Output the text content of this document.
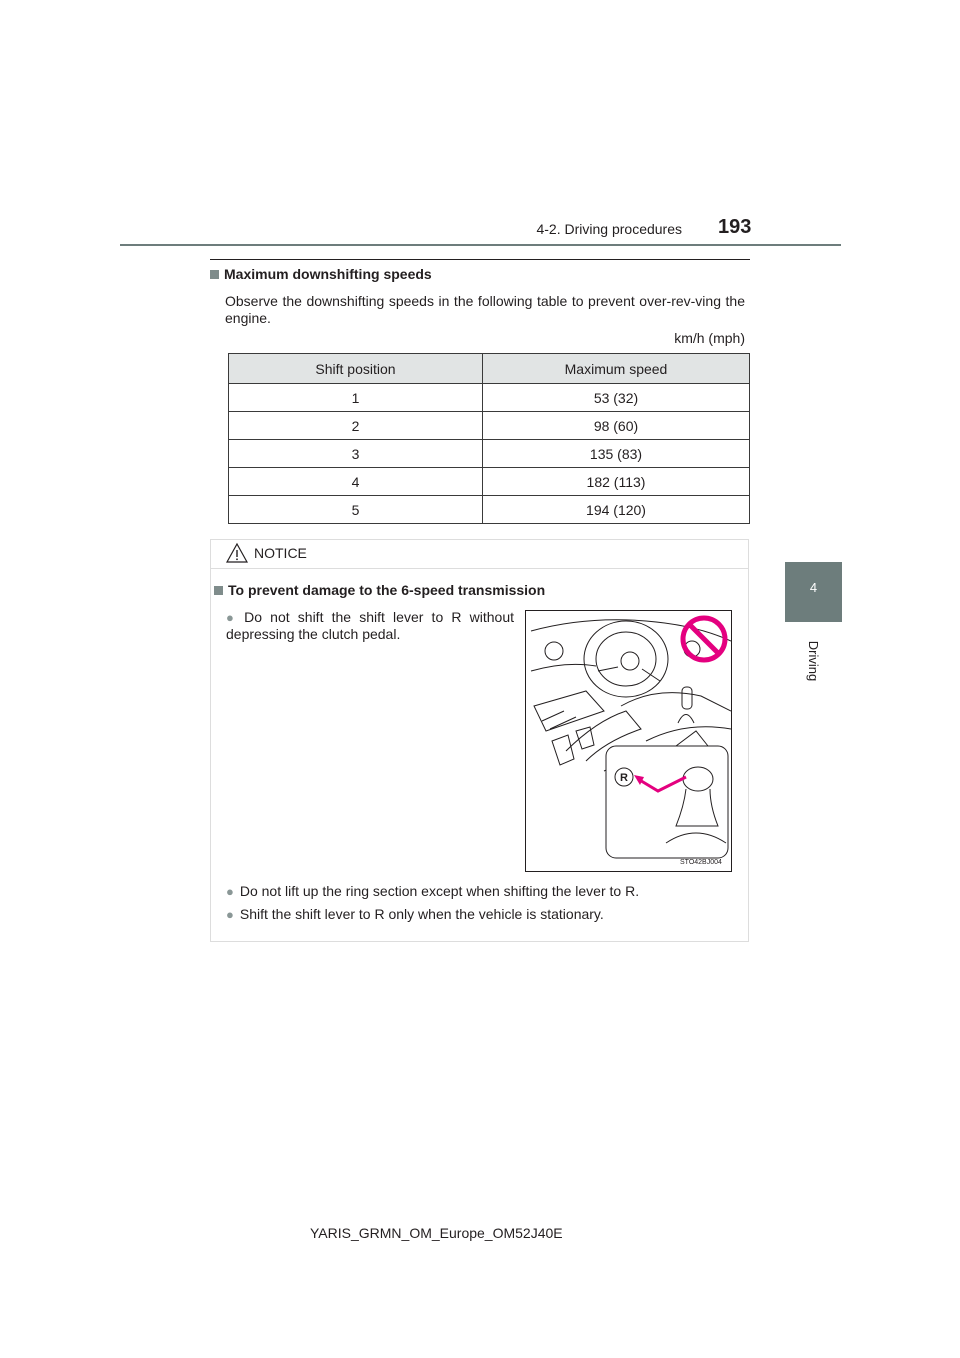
4-2. Driving procedures 193
4
Driving
Maximum downshifting speeds
Observe the downshifting speeds in the following table to prevent over-rev-ving the engine.
km/h (mph)
Shift position	Maximum speed
1	53 (32)
2	98 (60)
3	135 (83)
4	182 (113)
5	194 (120)
NOTICE
To prevent damage to the 6-speed transmission
● Do not shift the shift lever to R without depressing the clutch pedal.
R
STO42BJ004
● Do not lift up the ring section except when shifting the lever to R.
● Shift the shift lever to R only when the vehicle is stationary.
YARIS_GRMN_OM_Europe_OM52J40E
